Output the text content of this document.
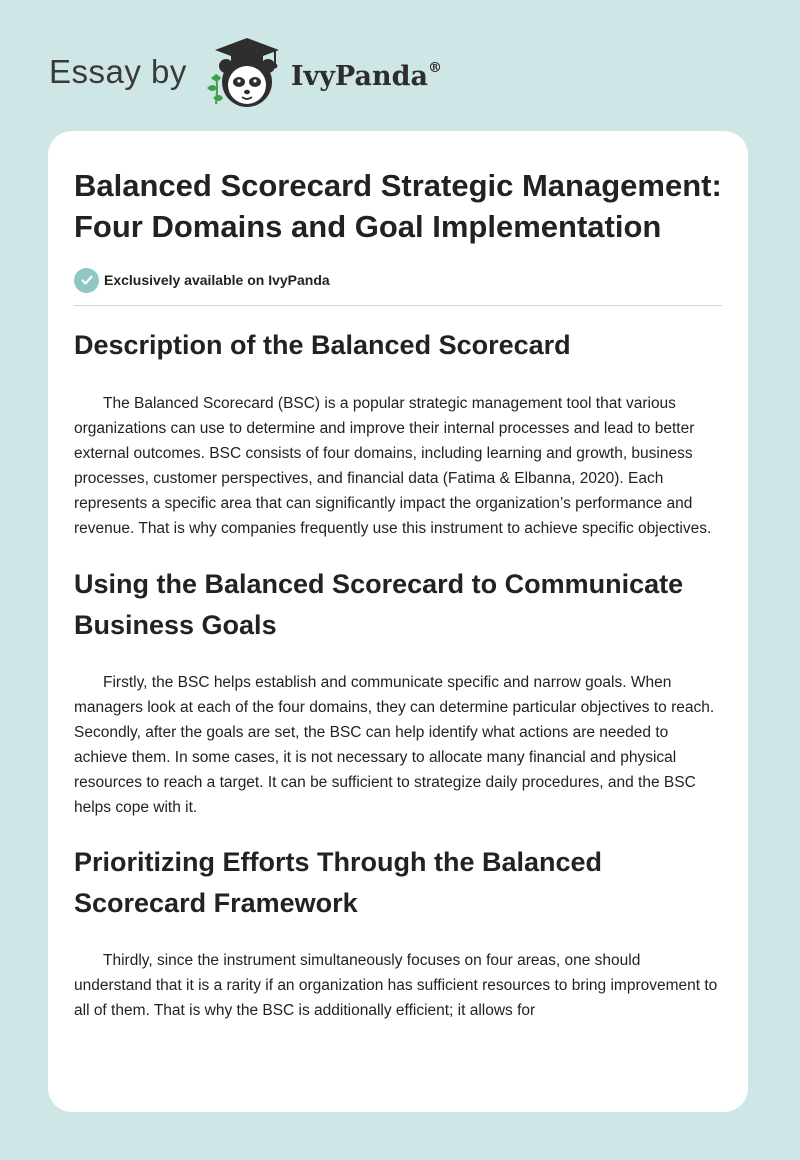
Essay by	IvyPanda®
Balanced Scorecard Strategic Management: Four Domains and Goal Implementation
Exclusively available on IvyPanda
Description of the Balanced Scorecard

The Balanced Scorecard (BSC) is a popular strategic management tool that various organizations can use to determine and improve their internal processes and lead to better external outcomes. BSC consists of four domains, including learning and growth, business processes, customer perspectives, and financial data (Fatima & Elbanna, 2020). Each represents a specific area that can significantly impact the organization’s performance and revenue. That is why companies frequently use this instrument to achieve specific objectives.

Using the Balanced Scorecard to Communicate Business Goals

Firstly, the BSC helps establish and communicate specific and narrow goals. When managers look at each of the four domains, they can determine particular objectives to reach. Secondly, after the goals are set, the BSC can help identify what actions are needed to achieve them. In some cases, it is not necessary to allocate many financial and physical resources to reach a target. It can be sufficient to strategize daily procedures, and the BSC helps cope with it.

Prioritizing Efforts Through the Balanced Scorecard Framework

Thirdly, since the instrument simultaneously focuses on four areas, one should understand that it is a rarity if an organization has sufficient resources to bring improvement to all of them. That is why the BSC is additionally efficient; it allows for
